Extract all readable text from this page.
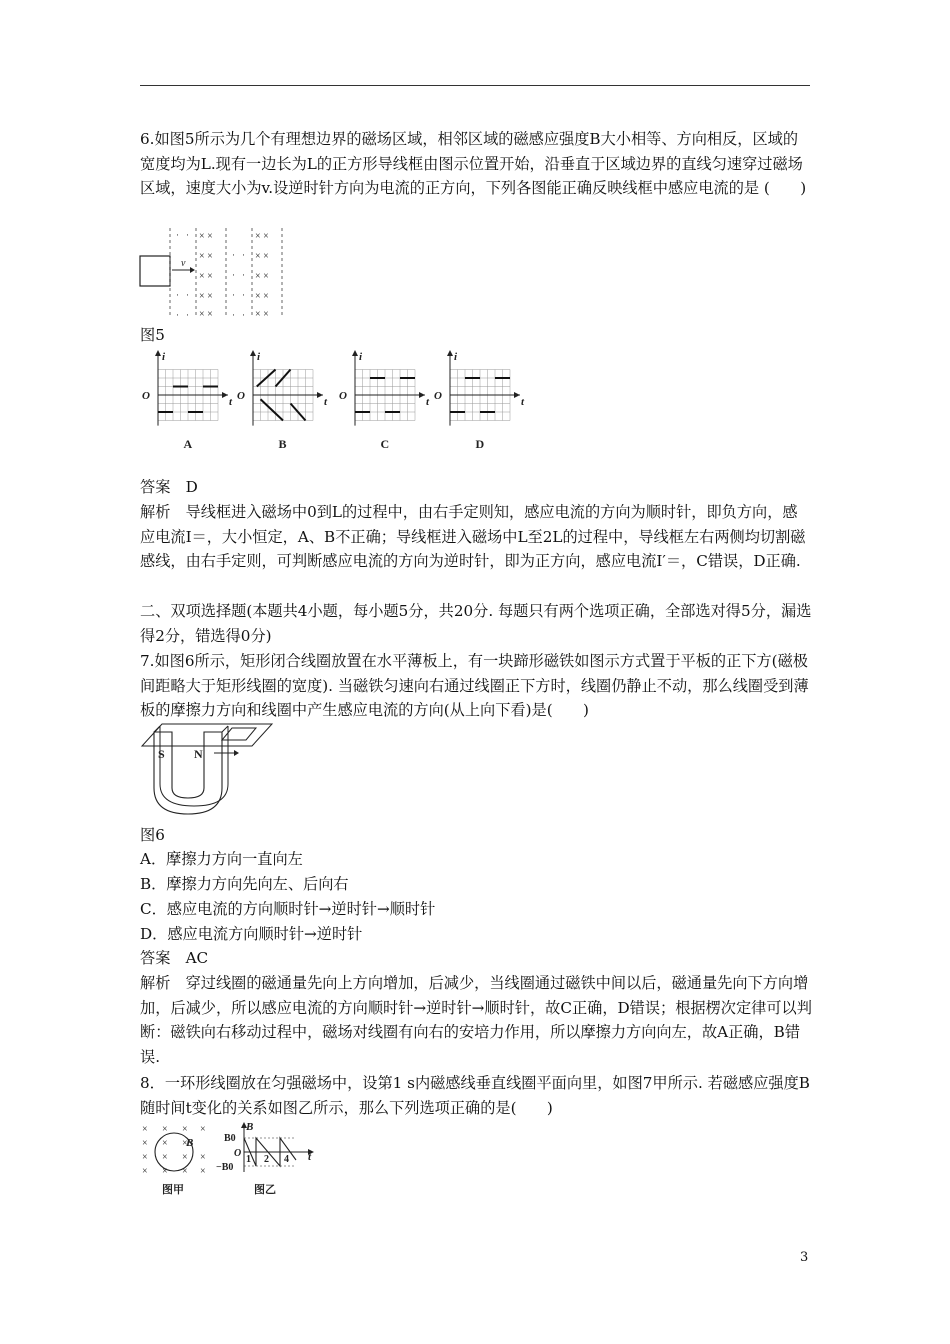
6.如图5所示为几个有理想边界的磁场区域，相邻区域的磁感应强度B大小相等、方向相反，区域的宽度均为L.现有一边长为L的正方形导线框由图示位置开始，沿垂直于区域边界的直线匀速穿过磁场区域，速度大小为v.设逆时针方向为电流的正方向，下列各图能正确反映线框中感应电流的是 (　　)

· ·
· ·
· ·
· ·
· ·
· ·
· ·
× ×
× ×
× ×
× ×
× ×
× ×
× ×
× ×
× ×
× ×
v
图5
i
t
O
A
i
t
O
B
i
t
O
C
i
t
O
D

答案　D

解析　导线框进入磁场中0到L的过程中，由右手定则知，感应电流的方向为顺时针，即负方向，感应电流I＝，大小恒定，A、B不正确；导线框进入磁场中L至2L的过程中，导线框左右两侧均切割磁感线，由右手定则，可判断感应电流的方向为逆时针，即为正方向，感应电流I′＝，C错误，D正确.

二、双项选择题(本题共4小题，每小题5分，共20分. 每题只有两个选项正确，全部选对得5分，漏选得2分，错选得0分)

7.如图6所示，矩形闭合线圈放置在水平薄板上，有一块蹄形磁铁如图示方式置于平板的正下方(磁极间距略大于矩形线圈的宽度). 当磁铁匀速向右通过线圈正下方时，线圈仍静止不动，那么线圈受到薄板的摩擦力方向和线圈中产生感应电流的方向(从上向下看)是(　　)

S N
图6

A．摩擦力方向一直向左

B．摩擦力方向先向左、后向右

C．感应电流的方向顺时针→逆时针→顺时针

D．感应电流方向顺时针→逆时针

答案　AC

解析　穿过线圈的磁通量先向上方向增加，后减少，当线圈通过磁铁中间以后，磁通量先向下方向增加，后减少，所以感应电流的方向顺时针→逆时针→顺时针，故C正确，D错误；根据楞次定律可以判断：磁铁向右移动过程中，磁场对线圈有向右的安培力作用，所以摩擦力方向向左，故A正确，B错误.

8．一环形线圈放在匀强磁场中，设第1 s内磁感线垂直线圈平面向里，如图7甲所示. 若磁感应强度B随时间t变化的关系如图乙所示，那么下列选项正确的是(　　)

× × × ×
× × ×
× × × ×
× × × ×
B
图甲
B
B0
O
−B0
1 2 4 t
图乙
3
